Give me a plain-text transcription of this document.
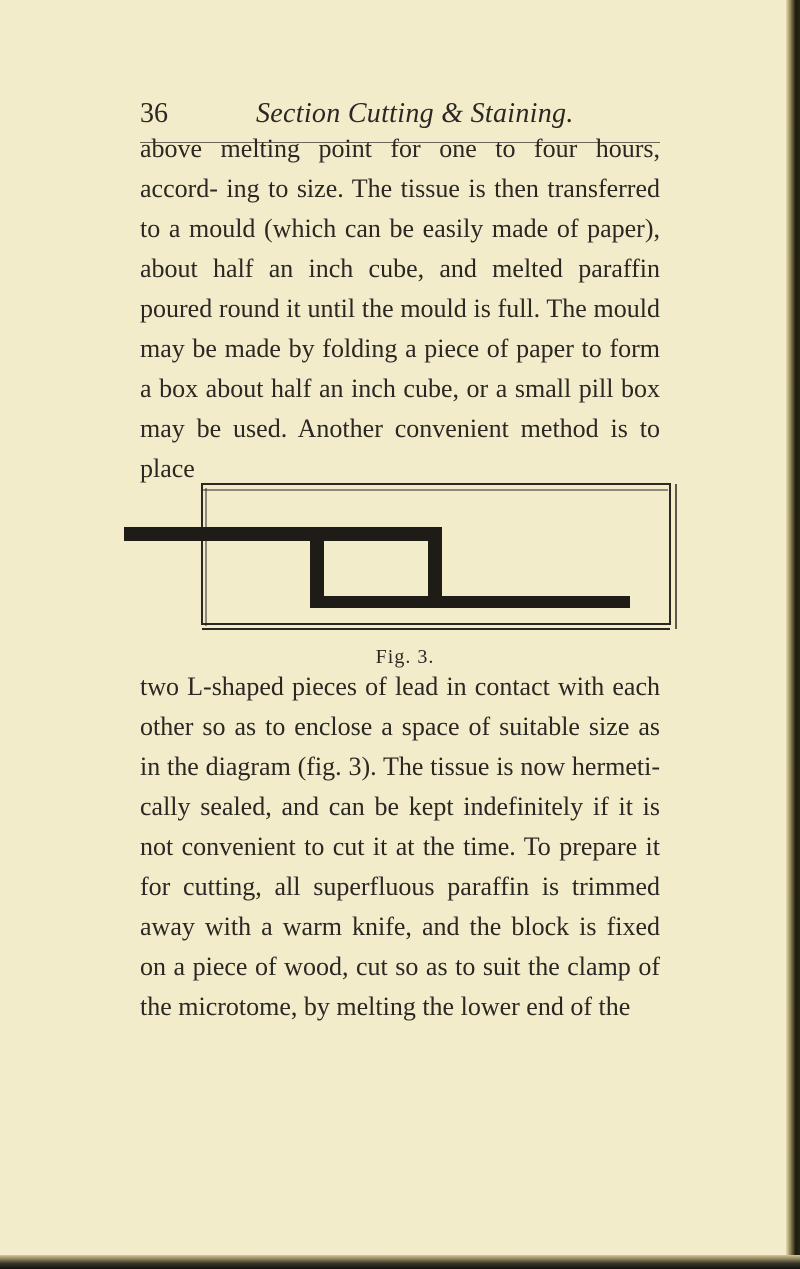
36	Section Cutting & Staining.

above melting point for one to four hours, accord- ing to size. The tissue is then transferred to a mould (which can be easily made of paper), about half an inch cube, and melted paraffin poured round it until the mould is full. The mould may be made by folding a piece of paper to form a box about half an inch cube, or a small pill box may be used. Another convenient method is to place

Fig. 3.

two L-shaped pieces of lead in contact with each other so as to enclose a space of suitable size as in the diagram (fig. 3). The tissue is now hermeti- cally sealed, and can be kept indefinitely if it is not convenient to cut it at the time. To prepare it for cutting, all superfluous paraffin is trimmed away with a warm knife, and the block is fixed on a piece of wood, cut so as to suit the clamp of the microtome, by melting the lower end of the
